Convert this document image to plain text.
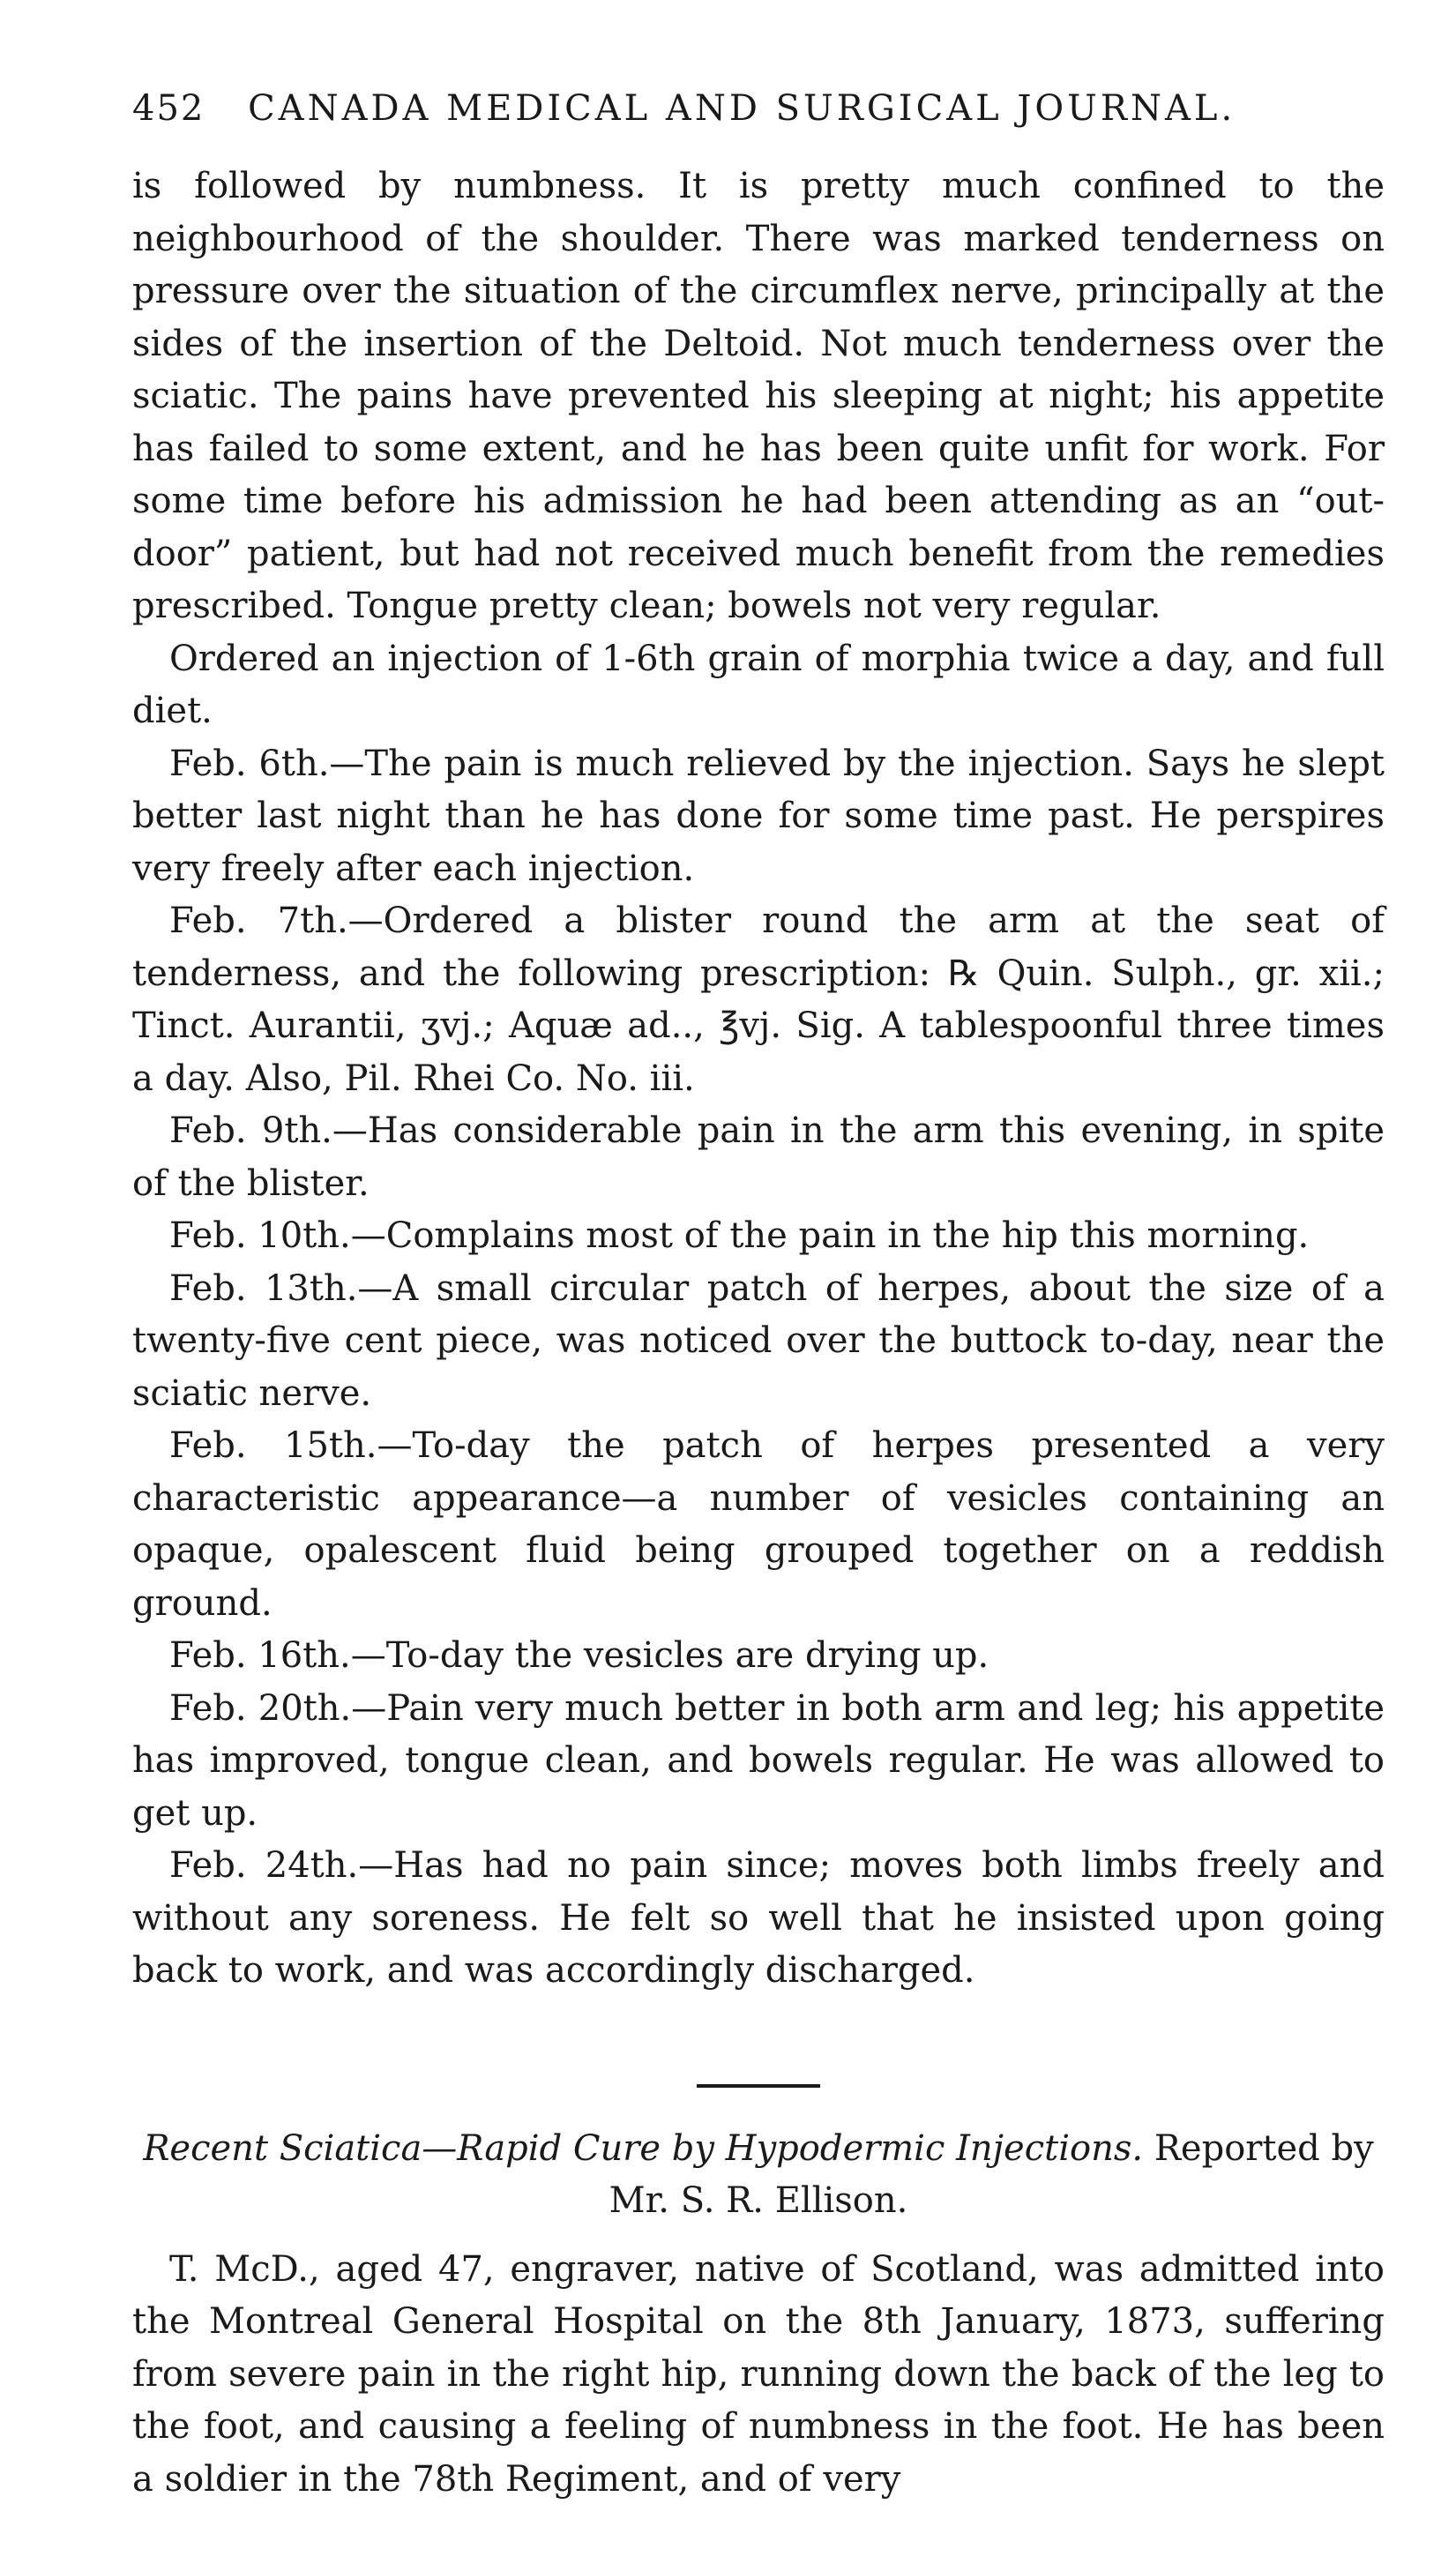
452 CANADA MEDICAL AND SURGICAL JOURNAL.

is followed by numbness. It is pretty much confined to the neighbourhood of the shoulder. There was marked tenderness on pressure over the situation of the circumflex nerve, principally at the sides of the insertion of the Deltoid. Not much tenderness over the sciatic. The pains have prevented his sleeping at night; his appetite has failed to some extent, and he has been quite unfit for work. For some time before his admission he had been attending as an “out-door” patient, but had not received much benefit from the remedies prescribed. Tongue pretty clean; bowels not very regular.

Ordered an injection of 1-6th grain of morphia twice a day, and full diet.

Feb. 6th.—The pain is much relieved by the injection. Says he slept better last night than he has done for some time past. He perspires very freely after each injection.

Feb. 7th.—Ordered a blister round the arm at the seat of tenderness, and the following prescription: ℞ Quin. Sulph., gr. xii.; Tinct. Aurantii, ʒvj.; Aquæ ad.., ℥vj. Sig. A tablespoonful three times a day. Also, Pil. Rhei Co. No. iii.

Feb. 9th.—Has considerable pain in the arm this evening, in spite of the blister.

Feb. 10th.—Complains most of the pain in the hip this morning.

Feb. 13th.—A small circular patch of herpes, about the size of a twenty-five cent piece, was noticed over the buttock to-day, near the sciatic nerve.

Feb. 15th.—To-day the patch of herpes presented a very characteristic appearance—a number of vesicles containing an opaque, opalescent fluid being grouped together on a reddish ground.

Feb. 16th.—To-day the vesicles are drying up.

Feb. 20th.—Pain very much better in both arm and leg; his appetite has improved, tongue clean, and bowels regular. He was allowed to get up.

Feb. 24th.—Has had no pain since; moves both limbs freely and without any soreness. He felt so well that he insisted upon going back to work, and was accordingly discharged.

Recent Sciatica—Rapid Cure by Hypodermic Injections. Reported by Mr. S. R. Ellison.

T. McD., aged 47, engraver, native of Scotland, was admitted into the Montreal General Hospital on the 8th January, 1873, suffering from severe pain in the right hip, running down the back of the leg to the foot, and causing a feeling of numbness in the foot. He has been a soldier in the 78th Regiment, and of very
